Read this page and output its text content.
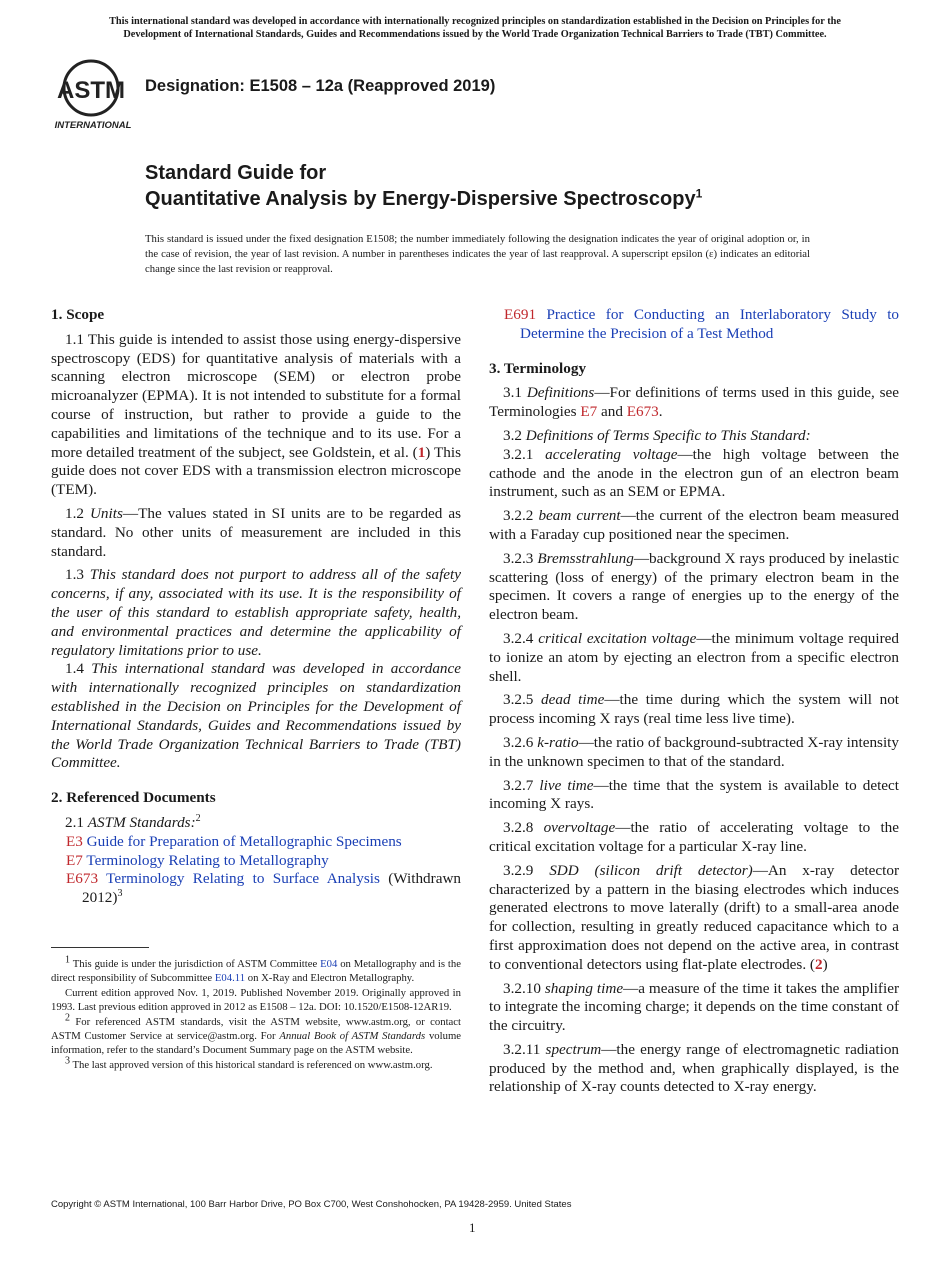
This international standard was developed in accordance with internationally recognized principles on standardization established in the Decision on Principles for the
Development of International Standards, Guides and Recommendations issued by the World Trade Organization Technical Barriers to Trade (TBT) Committee.
ASTM
INTERNATIONAL
Designation: E1508 – 12a (Reapproved 2019)
Standard Guide for
Quantitative Analysis by Energy-Dispersive Spectroscopy$^1$
This standard is issued under the fixed designation E1508; the number immediately following the designation indicates the year of original adoption or, in the case of revision, the year of last revision. A number in parentheses indicates the year of last reapproval. A superscript epsilon (ε) indicates an editorial change since the last revision or reapproval.
1. Scope

1.1 This guide is intended to assist those using energy-dispersive spectroscopy (EDS) for quantitative analysis of materials with a scanning electron microscope (SEM) or electron probe microanalyzer (EPMA). It is not intended to substitute for a formal course of instruction, but rather to provide a guide to the capabilities and limitations of the technique and to its use. For a more detailed treatment of the subject, see Goldstein, et al. (1) This guide does not cover EDS with a transmission electron microscope (TEM).

1.2 Units—The values stated in SI units are to be regarded as standard. No other units of measurement are included in this standard.

1.3 This standard does not purport to address all of the safety concerns, if any, associated with its use. It is the responsibility of the user of this standard to establish appropriate safety, health, and environmental practices and determine the applicability of regulatory limitations prior to use.

1.4 This international standard was developed in accordance with internationally recognized principles on standardization established in the Decision on Principles for the Development of International Standards, Guides and Recommendations issued by the World Trade Organization Technical Barriers to Trade (TBT) Committee.

2. Referenced Documents

2.1 ASTM Standards:$^2$

E3 Guide for Preparation of Metallographic Specimens

E7 Terminology Relating to Metallography

E673 Terminology Relating to Surface Analysis (Withdrawn 2012)$^3$

$^1$ This guide is under the jurisdiction of ASTM Committee E04 on Metallography and is the direct responsibility of Subcommittee E04.11 on X-Ray and Electron Metallography.

Current edition approved Nov. 1, 2019. Published November 2019. Originally approved in 1993. Last previous edition approved in 2012 as E1508 – 12a. DOI: 10.1520/E1508-12AR19.

$^2$ For referenced ASTM standards, visit the ASTM website, www.astm.org, or contact ASTM Customer Service at service@astm.org. For Annual Book of ASTM Standards volume information, refer to the standard’s Document Summary page on the ASTM website.

$^3$ The last approved version of this historical standard is referenced on www.astm.org.

E691 Practice for Conducting an Interlaboratory Study to Determine the Precision of a Test Method

3. Terminology

3.1 Definitions—For definitions of terms used in this guide, see Terminologies E7 and E673.

3.2 Definitions of Terms Specific to This Standard:

3.2.1 accelerating voltage—the high voltage between the cathode and the anode in the electron gun of an electron beam instrument, such as an SEM or EPMA.

3.2.2 beam current—the current of the electron beam measured with a Faraday cup positioned near the specimen.

3.2.3 Bremsstrahlung—background X rays produced by inelastic scattering (loss of energy) of the primary electron beam in the specimen. It covers a range of energies up to the energy of the electron beam.

3.2.4 critical excitation voltage—the minimum voltage required to ionize an atom by ejecting an electron from a specific electron shell.

3.2.5 dead time—the time during which the system will not process incoming X rays (real time less live time).

3.2.6 k-ratio—the ratio of background-subtracted X-ray intensity in the unknown specimen to that of the standard.

3.2.7 live time—the time that the system is available to detect incoming X rays.

3.2.8 overvoltage—the ratio of accelerating voltage to the critical excitation voltage for a particular X-ray line.

3.2.9 SDD (silicon drift detector)—An x-ray detector characterized by a pattern in the biasing electrodes which induces generated electrons to move laterally (drift) to a small-area anode for collection, resulting in greatly reduced capacitance which to a first approximation does not depend on the active area, in contrast to conventional detectors using flat-plate electrodes. (2)

3.2.10 shaping time—a measure of the time it takes the amplifier to integrate the incoming charge; it depends on the time constant of the circuitry.

3.2.11 spectrum—the energy range of electromagnetic radiation produced by the method and, when graphically displayed, is the relationship of X-ray counts detected to X-ray energy.

Copyright © ASTM International, 100 Barr Harbor Drive, PO Box C700, West Conshohocken, PA 19428-2959. United States
1
